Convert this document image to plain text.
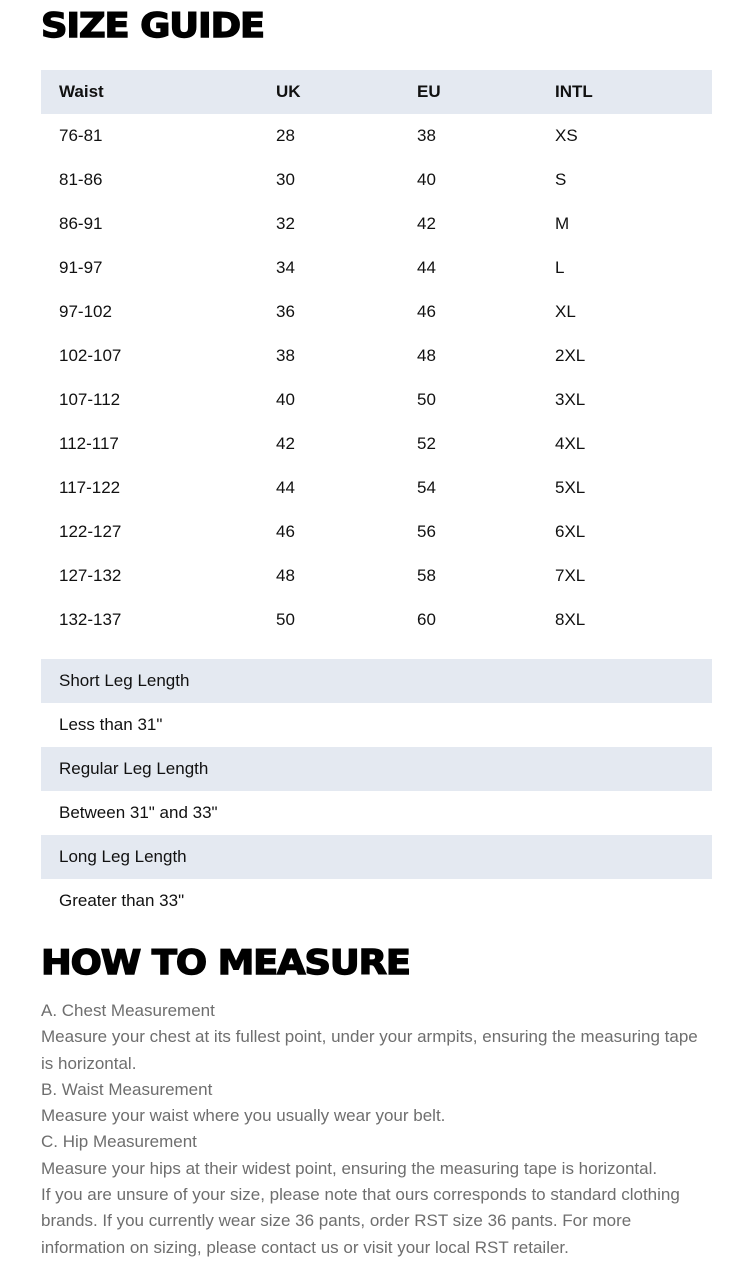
SIZE GUIDE
Waist	UK	EU	INTL
76-81	28	38	XS
81-86	30	40	S
86-91	32	42	M
91-97	34	44	L
97-102	36	46	XL
102-107	38	48	2XL
107-112	40	50	3XL
112-117	42	52	4XL
117-122	44	54	5XL
122-127	46	56	6XL
127-132	48	58	7XL
132-137	50	60	8XL
Short Leg Length
Less than 31"
Regular Leg Length
Between 31" and 33"
Long Leg Length
Greater than 33"
HOW TO MEASURE

A. Chest Measurement

Measure your chest at its fullest point, under your armpits, ensuring the measuring tape is horizontal.

B. Waist Measurement

Measure your waist where you usually wear your belt.

C. Hip Measurement

Measure your hips at their widest point, ensuring the measuring tape is horizontal.

If you are unsure of your size, please note that ours corresponds to standard clothing brands. If you currently wear size 36 pants, order RST size 36 pants. For more information on sizing, please contact us or visit your local RST retailer.
